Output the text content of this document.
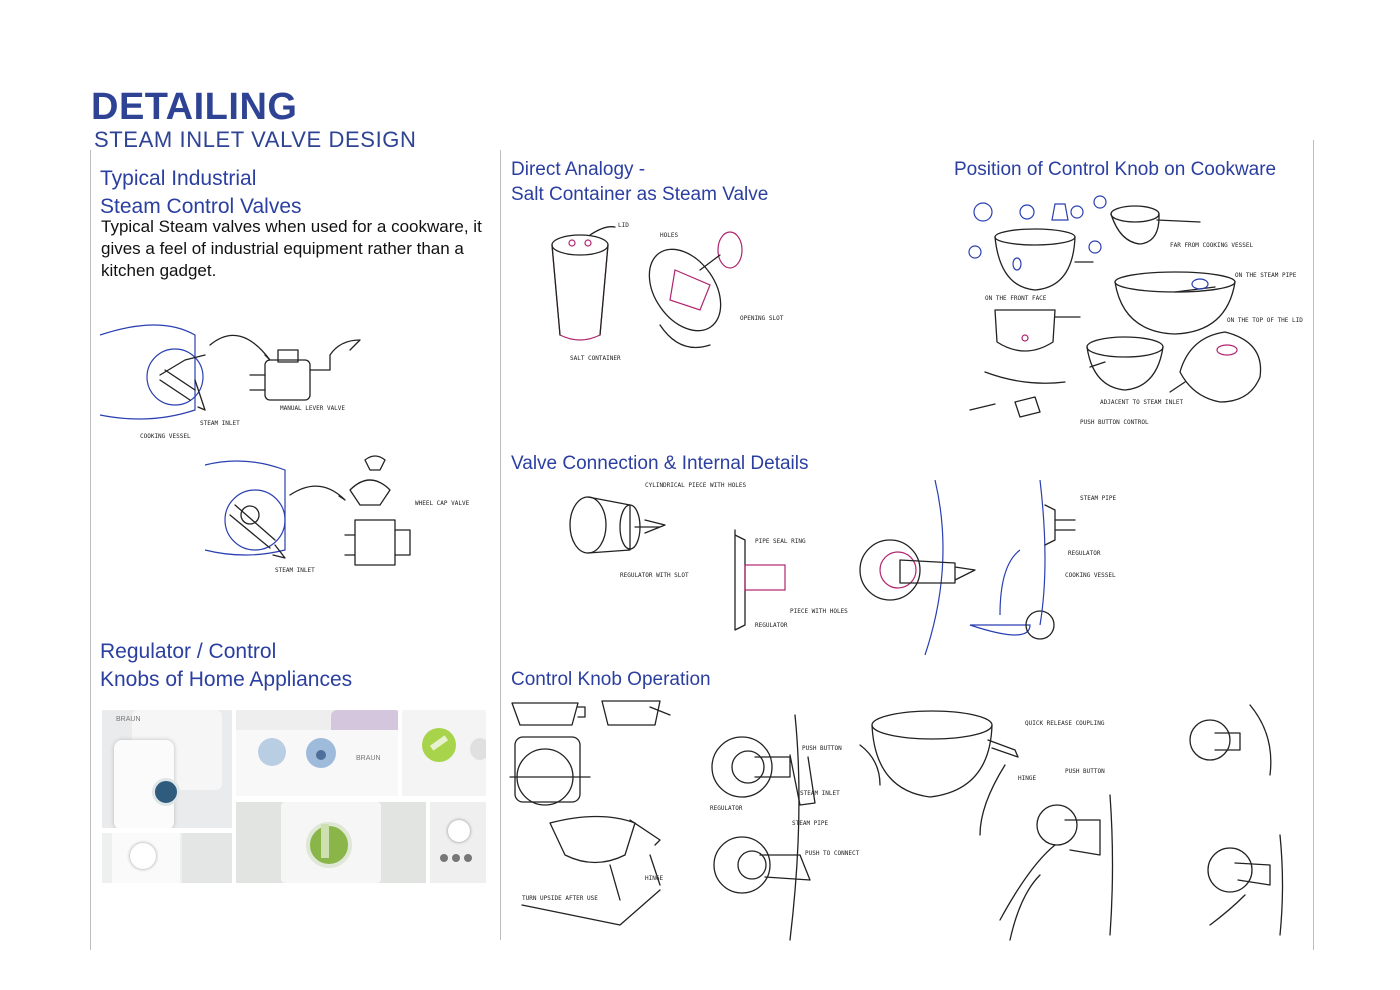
DETAILING
STEAM INLET VALVE DESIGN
Typical Industrial
Steam Control Valves
Typical Steam valves when used for a cookware, it gives a feel of industrial equipment rather than a kitchen gadget.
MANUAL LEVER VALVE
STEAM INLET
COOKING VESSEL
STEAM INLET
WHEEL CAP VALVE
Regulator / Control
Knobs of Home Appliances
BRAUN
BRAUN
Direct Analogy -
Salt Container as Steam Valve
LID
HOLES
OPENING SLOT
SALT CONTAINER
Valve Connection & Internal Details
CYLINDRICAL PIECE WITH HOLES
REGULATOR WITH SLOT
PIPE SEAL RING
PIECE WITH HOLES
REGULATOR
STEAM PIPE
REGULATOR
COOKING VESSEL
Control Knob Operation
HINGE
TURN UPSIDE AFTER USE
PUSH BUTTON
REGULATOR
STEAM INLET
STEAM PIPE
PUSH TO CONNECT
QUICK RELEASE COUPLING
HINGE
PUSH BUTTON
Position of Control Knob on Cookware
FAR FROM COOKING VESSEL
ON THE FRONT FACE
ON THE STEAM PIPE
ADJACENT TO STEAM INLET
ON THE TOP OF THE LID
PUSH BUTTON CONTROL
